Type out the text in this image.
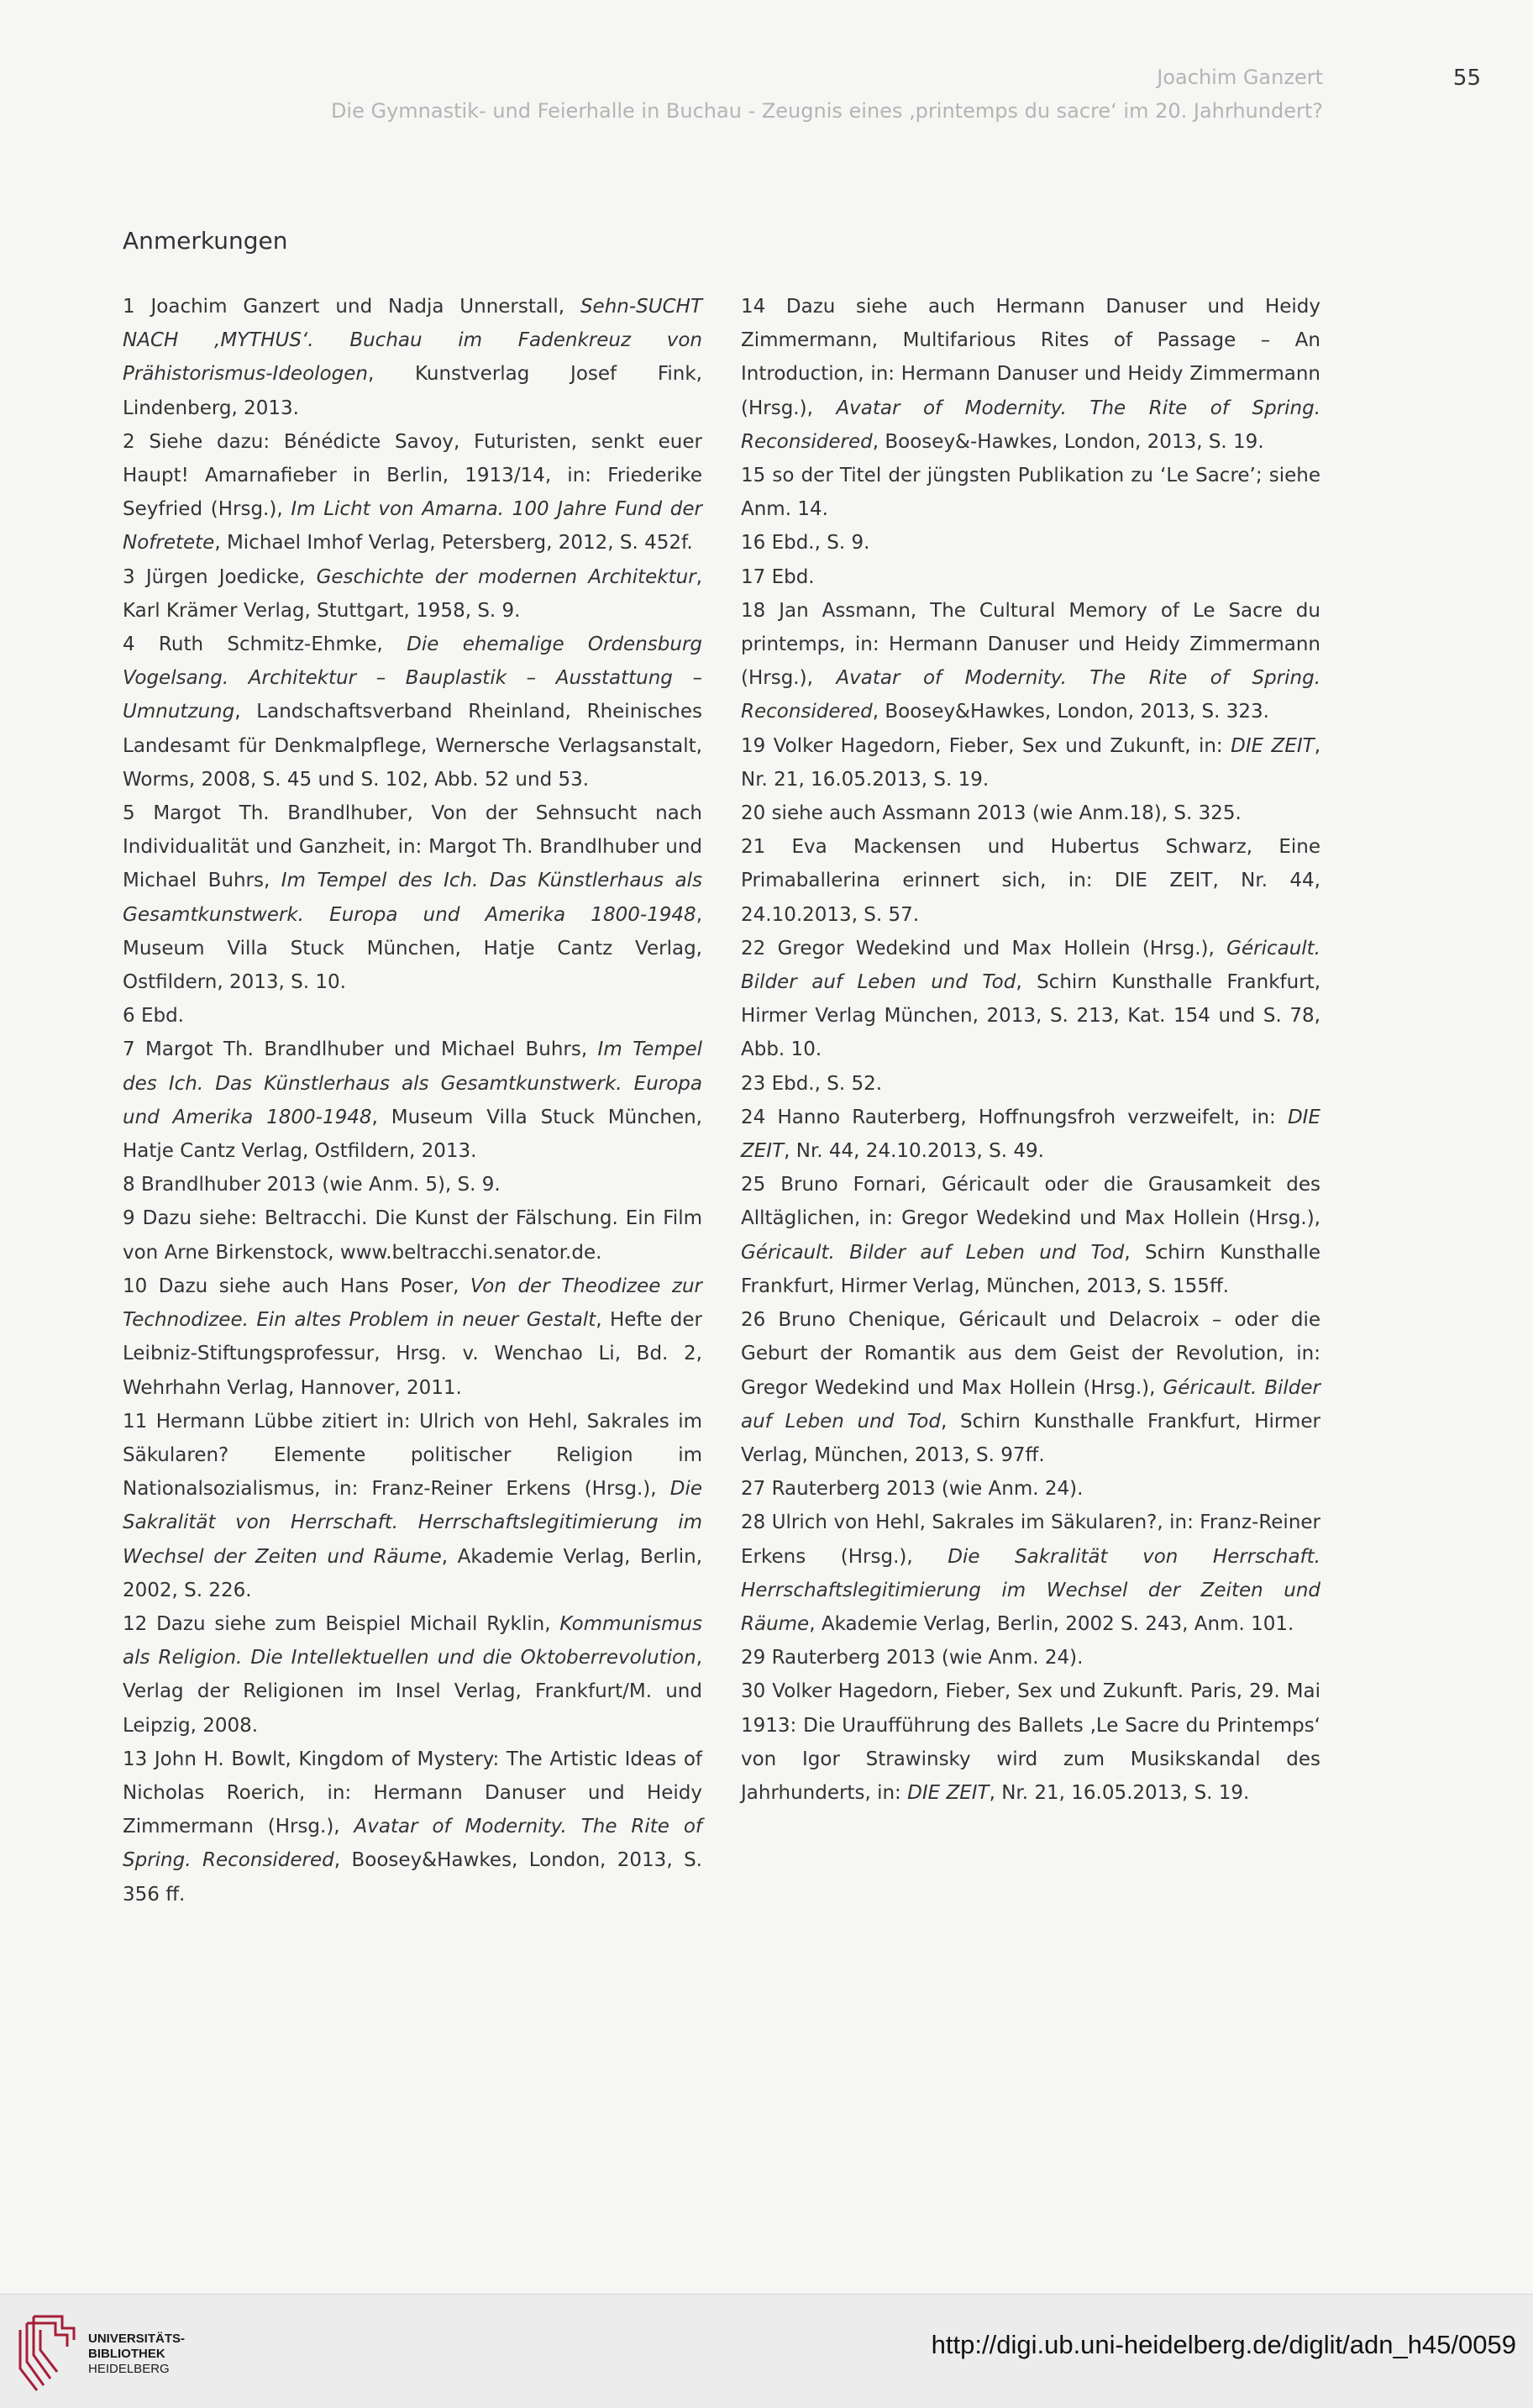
Joachim Ganzert
Die Gymnastik- und Feierhalle in Buchau - Zeugnis eines ‚printemps du sacre‘ im 20. Jahrhundert?
55
Anmerkungen

1 Joachim Ganzert und Nadja Unnerstall, Sehn-SUCHT NACH ‚MYTHUS‘. Buchau im Fadenkreuz von Prähistorismus-Ideologen, Kunstverlag Josef Fink, Lindenberg, 2013.

2 Siehe dazu: Bénédicte Savoy, Futuristen, senkt euer Haupt! Amarnafieber in Berlin, 1913/14, in: Friederike Seyfried (Hrsg.), Im Licht von Amarna. 100 Jahre Fund der Nofretete, Michael Imhof Verlag, Petersberg, 2012, S. 452f.

3 Jürgen Joedicke, Geschichte der modernen Architektur, Karl Krämer Verlag, Stuttgart, 1958, S. 9.

4 Ruth Schmitz-Ehmke, Die ehemalige Ordensburg Vogelsang. Architektur – Bauplastik – Ausstattung – Umnutzung, Landschaftsverband Rheinland, Rheinisches Landesamt für Denkmalpflege, Wernersche Verlagsanstalt, Worms, 2008, S. 45 und S. 102, Abb. 52 und 53.

5 Margot Th. Brandlhuber, Von der Sehnsucht nach Individualität und Ganzheit, in: Margot Th. Brandlhuber und Michael Buhrs, Im Tempel des Ich. Das Künstlerhaus als Gesamtkunstwerk. Europa und Amerika 1800-1948, Museum Villa Stuck München, Hatje Cantz Verlag, Ostfildern, 2013, S. 10.

6 Ebd.

7 Margot Th. Brandlhuber und Michael Buhrs, Im Tempel des Ich. Das Künstlerhaus als Gesamtkunstwerk. Europa und Amerika 1800-1948, Museum Villa Stuck München, Hatje Cantz Verlag, Ostfildern, 2013.

8 Brandlhuber 2013 (wie Anm. 5), S. 9.

9 Dazu siehe: Beltracchi. Die Kunst der Fälschung. Ein Film von Arne Birkenstock, www.beltracchi.senator.de.

10 Dazu siehe auch Hans Poser, Von der Theodizee zur Technodizee. Ein altes Problem in neuer Gestalt, Hefte der Leibniz-Stiftungsprofessur, Hrsg. v. Wenchao Li, Bd. 2, Wehrhahn Verlag, Hannover, 2011.

11 Hermann Lübbe zitiert in: Ulrich von Hehl, Sakrales im Säkularen? Elemente politischer Religion im Nationalsozialismus, in: Franz-Reiner Erkens (Hrsg.), Die Sakralität von Herrschaft. Herrschaftslegitimierung im Wechsel der Zeiten und Räume, Akademie Verlag, Berlin, 2002, S. 226.

12 Dazu siehe zum Beispiel Michail Ryklin, Kommunismus als Religion. Die Intellektuellen und die Oktoberrevolution, Verlag der Religionen im Insel Verlag, Frankfurt/M. und Leipzig, 2008.

13 John H. Bowlt, Kingdom of Mystery: The Artistic Ideas of Nicholas Roerich, in: Hermann Danuser und Heidy Zimmermann (Hrsg.), Avatar of Modernity. The Rite of Spring. Reconsidered, Boosey&Hawkes, London, 2013, S. 356 ff.

14 Dazu siehe auch Hermann Danuser und Heidy Zimmermann, Multifarious Rites of Passage – An Introduction, in: Hermann Danuser und Heidy Zimmermann (Hrsg.), Avatar of Modernity. The Rite of Spring. Reconsidered, Boosey&-Hawkes, London, 2013, S. 19.

15 so der Titel der jüngsten Publikation zu ‘Le Sacre’; siehe Anm. 14.

16 Ebd., S. 9.

17 Ebd.

18 Jan Assmann, The Cultural Memory of Le Sacre du printemps, in: Hermann Danuser und Heidy Zimmermann (Hrsg.), Avatar of Modernity. The Rite of Spring. Reconsidered, Boosey&Hawkes, London, 2013, S. 323.

19 Volker Hagedorn, Fieber, Sex und Zukunft, in: DIE ZEIT, Nr. 21, 16.05.2013, S. 19.

20 siehe auch Assmann 2013 (wie Anm.18), S. 325.

21 Eva Mackensen und Hubertus Schwarz, Eine Primaballerina erinnert sich, in: DIE ZEIT, Nr. 44, 24.10.2013, S. 57.

22 Gregor Wedekind und Max Hollein (Hrsg.), Géricault. Bilder auf Leben und Tod, Schirn Kunsthalle Frankfurt, Hirmer Verlag München, 2013, S. 213, Kat. 154 und S. 78, Abb. 10.

23 Ebd., S. 52.

24 Hanno Rauterberg, Hoffnungsfroh verzweifelt, in: DIE ZEIT, Nr. 44, 24.10.2013, S. 49.

25 Bruno Fornari, Géricault oder die Grausamkeit des Alltäglichen, in: Gregor Wedekind und Max Hollein (Hrsg.), Géricault. Bilder auf Leben und Tod, Schirn Kunsthalle Frankfurt, Hirmer Verlag, München, 2013, S. 155ff.

26 Bruno Chenique, Géricault und Delacroix – oder die Geburt der Romantik aus dem Geist der Revolution, in: Gregor Wedekind und Max Hollein (Hrsg.), Géricault. Bilder auf Leben und Tod, Schirn Kunsthalle Frankfurt, Hirmer Verlag, München, 2013, S. 97ff.

27 Rauterberg 2013 (wie Anm. 24).

28 Ulrich von Hehl, Sakrales im Säkularen?, in: Franz-Reiner Erkens (Hrsg.), Die Sakralität von Herrschaft. Herrschaftslegitimierung im Wechsel der Zeiten und Räume, Akademie Verlag, Berlin, 2002 S. 243, Anm. 101.

29 Rauterberg 2013 (wie Anm. 24).

30 Volker Hagedorn, Fieber, Sex und Zukunft. Paris, 29. Mai 1913: Die Uraufführung des Ballets ‚Le Sacre du Printemps‘ von Igor Strawinsky wird zum Musikskandal des Jahrhunderts, in: DIE ZEIT, Nr. 21, 16.05.2013, S. 19.

UNIVERSITÄTS-
BIBLIOTHEK
HEIDELBERG
http://digi.ub.uni-heidelberg.de/diglit/adn_h45/0059
